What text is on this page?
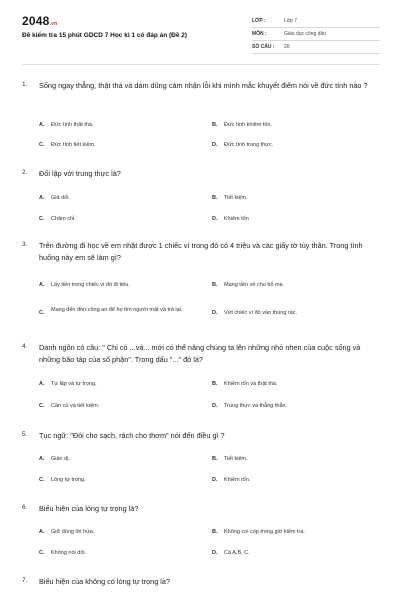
2048.vn
Đề kiểm tra 15 phút GDCD 7 Học kì 1 có đáp án (Đề 2)
LỚP :	Lớp 7
MÔN :	Giáo dục công dân
SỐ CÂU : 20
1. Sống ngay thẳng, thật thà và dám dũng cảm nhận lỗi khi mình mắc khuyết điểm nói về đức tính nào ?
A. Đức tính thật thà.	B. Đức tính khiêm tốn.
C. Đức tính tiết kiệm.	D. Đức tính trung thực.
2. Đối lập với trung thực là?
A. Giả dối.	B. Tiết kiệm.
C. Chăm chỉ.	D. Khiêm tốn
3. Trên đường đi học về em nhặt được 1 chiếc ví trong đó có 4 triệu và các giấy tờ tùy thân. Trong tình huống này em sẽ làm gì?
A. Lấy tiền trong chiếc ví đó đi tiêu.	B. Mang tiền về cho bố mẹ.
C. Mang đến đồn công an để họ tìm người mất và trả lại.	D. Vứt chiếc ví đó vào thùng rác.
4. Danh ngôn có câu: " Chỉ có ...và... mới có thể nâng chúng ta lên những nhỏ nhen của cuộc sống và những bão táp của số phận". Trong dấu "..." đó là?
A. Tự lập và tự trọng.	B. Khiêm tốn và thật thà.
C. Cần cù và tiết kiệm.	D. Trung thực và thẳng thắn.
5. Tục ngữ: "Đói cho sạch, rách cho thơm" nói đến điều gì ?
A. Giản dị.	B. Tiết kiệm.
C. Lòng tự trọng.	D. Khiêm tốn.
6. Biểu hiện của lòng tự trọng là?
A. Giữ đúng lời hứa.	B. Không coi cóp trong giờ kiểm tra.
C. Không nói dối.	D. Cả A,B, C.
7. Biểu hiện của không có lòng tự trọng là?
